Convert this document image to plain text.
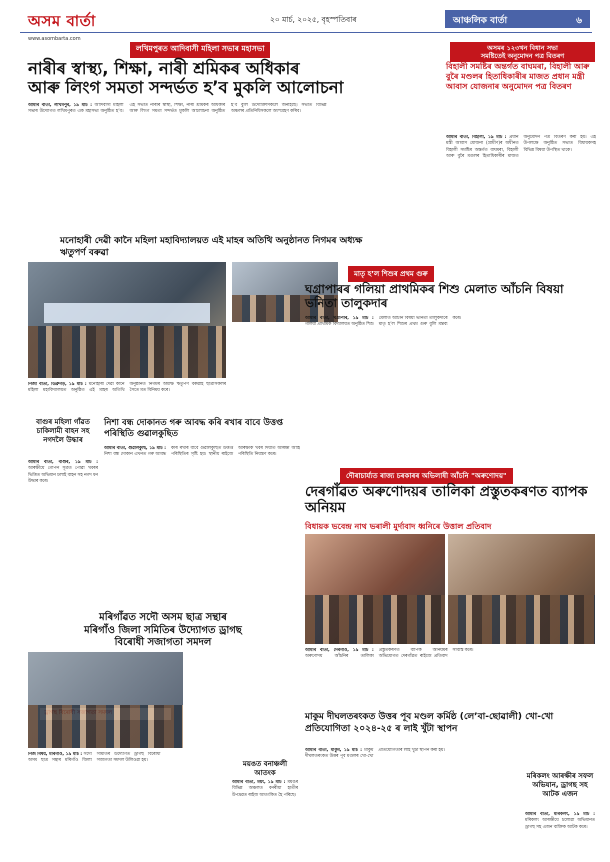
অসম বাৰ্তা
www.asombarta.com
২০ মাৰ্চ, ২০২৫, বৃহস্পতিবাৰ	আঞ্চলিক বাৰ্তা	৬
লখিমপুৰত আদিবাসী মহিলা সভাৰ মহাসভা
নাৰীৰ স্বাস্থ্য, শিক্ষা, নাৰী শ্ৰমিকৰ অধিকাৰ
আৰু লিংগ সমতা সন্দৰ্ভত হ’ব মুকলি আলোচনা

আমাৰ বাৰ্তা, লখিমপুৰ, ১৯ মাৰ্চ : আদিবাসী মহিলা সভাৰ উদ্যোগত লখিমপুৰত এক মহাসভা অনুষ্ঠিত হ’ব। এই সভাত নাৰীৰ স্বাস্থ্য, শিক্ষা, নাৰী শ্ৰমিকৰ অধিকাৰ আৰু লিংগ সমতা সন্দৰ্ভত মুকলি আলোচনা অনুষ্ঠিত হ’ব বুলি উদ্যোক্তাসকলে জনাইছে। সভাত বিভিন্ন অঞ্চলৰ প্ৰতিনিধিসকলে অংশগ্ৰহণ কৰিব।

অসমৰ ১২৩খন বিধান সভা
সমষ্টিতেই অনুমোদন পত্ৰ বিতৰণ
বিহালী সমষ্টিৰ অন্তৰ্গত বাঘমৰা, বিহালী আৰু বুৰৈ মণ্ডলৰ হিতাধিকাৰীৰ মাজত প্ৰধান মন্ত্ৰী আবাস যোজনাৰ অনুমোদন পত্ৰ বিতৰণ

আমাৰ বাৰ্তা, বিহালী, ১৯ মাৰ্চ : প্ৰধান মন্ত্ৰী আবাস যোজনা (গ্ৰামীণ)ৰ অধীনত বিহালী সমষ্টিৰ অন্তৰ্গত বাঘমৰা, বিহালী আৰু বুৰৈ মণ্ডলৰ হিতাধিকাৰীৰ মাজত অনুমোদন পত্ৰ বিতৰণ কৰা হয়। এই উপলক্ষে অনুষ্ঠিত সভাত বিধায়কসহ বিভিন্ন বিষয়া উপস্থিত থাকে।

মনোহাৰী দেৱী কানৈ মহিলা মহাবিদ্যালয়ত এই মাহৰ অতিথি অনুষ্ঠানত নিগমৰ অধ্যক্ষ ঋতুপৰ্ণ বৰুৱা

নিজা বাৰ্তা, ডিব্ৰুগড়, ১৯ মাৰ্চ : মনোহাৰী দেৱী কানৈ মহিলা মহাবিদ্যালয়ত অনুষ্ঠিত এই মাহৰ অতিথি অনুষ্ঠানত নিগমৰ অধ্যক্ষ ঋতুপৰ্ণ বৰুৱাই ছাত্ৰীসকলৰ সৈতে মত বিনিময় কৰে।

মাতৃ হ’ল শিশুৰ প্ৰথম গুৰু
ঘগ্ৰাপাৰৰ গলিয়া প্ৰাথমিকৰ শিশু মেলাত আঁচনি বিষয়া ভনিতা তালুকদাৰ

আমাৰ বাৰ্তা, ঘগ্ৰাপাৰ, ১৯ মাৰ্চ : গলিয়া প্ৰাথমিক বিদ্যালয়ত অনুষ্ঠিত শিশু মেলাত আঁচনি বিষয়া ভনিতা তালুকদাৰে মাতৃ হ’ল শিশুৰ প্ৰথম গুৰু বুলি মন্তব্য কৰে।

বাগুৰ মহিলা গাঁৱত চাকিলামী বাহন সহ নগদলৈ উদ্ধাৰ

আমাৰ বাৰ্তা, বাগুৰ, ১৯ মাৰ্চ : আৰক্ষীয়ে গোপন সূত্ৰত পোৱা খবৰৰ ভিত্তিত অভিযান চলাই বাহন সহ নগদ ধন উদ্ধাৰ কৰে।

নিশা বন্ধ দোকানত গৰু আবদ্ধ কৰি ৰখাৰ বাবে উত্তপ্ত পৰিস্থিতি গুৱালকুছিত

আমাৰ বাৰ্তা, গুৱালকুছি, ১৯ মাৰ্চ : নিশা বন্ধ দোকান এখনত গৰু আবদ্ধ কৰি ৰখাৰ বাবে গুৱালকুছিত উত্তপ্ত পৰিস্থিতিৰ সৃষ্টি হয়। স্থানীয় ৰাইজে আৰক্ষীক খবৰ দিয়াত আৰক্ষী আহি পৰিস্থিতি নিয়ন্ত্ৰণ কৰে।

দৌৰাচাৰ্য্যত ৰাজ্য চৰকাৰৰ অভিলাষী আঁচনি "অৰুণোদয়"
দেৰগাঁৱত অৰুণোদয়ৰ তালিকা প্ৰস্তুতকৰণত ব্যাপক অনিয়ম
বিধায়ক ভবেন্দ্ৰ নাথ ভৰালী মুৰ্দাবাদ ধ্বনিৰে উত্তাল প্ৰতিবাদ

আমাৰ বাৰ্তা, দেৰগাঁও, ১৯ মাৰ্চ : অৰুণোদয় আঁচনিৰ তালিকা প্ৰস্তুতকৰণত ব্যাপক অনিয়মৰ অভিযোগত দেৰগাঁৱত ৰাইজে প্ৰতিবাদ সাব্যস্ত কৰে।

মৰিগাঁৱত সদৌ অসম ছাত্ৰ সন্থাৰ
মৰিগাঁও জিলা সমিতিৰ উদ্যোগত ড্ৰাগছ
বিৰোধী সজাগতা সমদল

নিজ বিষয়, মৰিগাঁও, ১৯ মাৰ্চ : সদৌ অসম ছাত্ৰ সন্থাৰ মৰিগাঁও জিলা সমিতিৰ উদ্যোগত ড্ৰাগছ বিৰোধী সজাগতা সমদল উলিওৱা হয়।	ময়ঙত বনাঞ্চলী আতংক

আমাৰ বাৰ্তা, ময়ং, ১৯ মাৰ্চ : ময়ঙৰ বিভিন্ন অঞ্চলত বনৰীয়া হাতীৰ উপদ্ৰৱত ৰাইজ আতংকিত হৈ পৰিছে।

মাকুম দীঘলতৰংকত উত্তৰ পূব মণ্ডল কৰ্মিষ্ঠ (লে’বা-ছোৱালী) খো-খো প্ৰতিযোগিতা ২০২৪-২৫ ৰ লাই খুঁটা স্থাপন

আমাৰ বাৰ্তা, মাকুম, ১৯ মাৰ্চ : মাকুম দীঘলতৰংকত উত্তৰ পূব মণ্ডলৰ খো-খো প্ৰতিযোগিতাৰ লাই খুঁটা স্থাপন কৰা হয়।

মৰিকলং আৰক্ষীৰ সফল অভিযান, ড্ৰাগছ সহ আটক এজন

আমাৰ বাৰ্তা, মৰিকলং, ১৯ মাৰ্চ : মৰিকলং আৰক্ষীয়ে চলোৱা অভিযানত ড্ৰাগছ সহ এজন ব্যক্তিক আটক কৰে।
